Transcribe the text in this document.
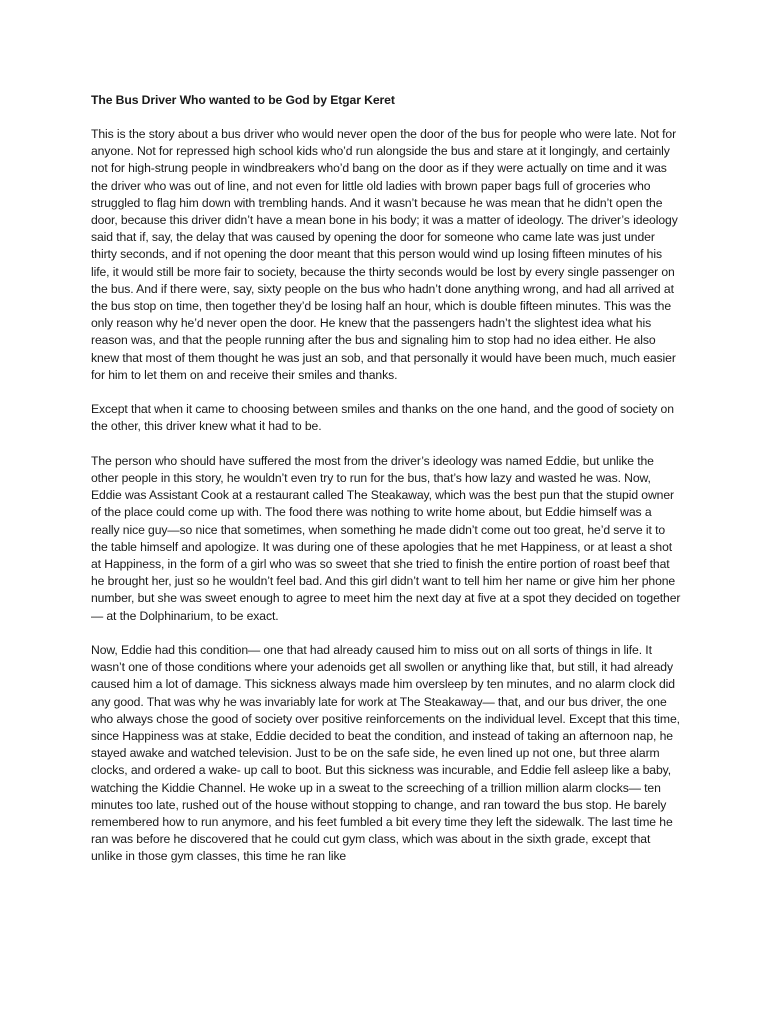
The Bus Driver Who wanted to be God by Etgar Keret

This is the story about a bus driver who would never open the door of the bus for people who were late. Not for anyone. Not for repressed high school kids who’d run alongside the bus and stare at it longingly, and certainly not for high-strung people in windbreakers who’d bang on the door as if they were actually on time and it was the driver who was out of line, and not even for little old ladies with brown paper bags full of groceries who struggled to flag him down with trembling hands. And it wasn’t because he was mean that he didn’t open the door, because this driver didn’t have a mean bone in his body; it was a matter of ideology. The driver’s ideology said that if, say, the delay that was caused by opening the door for someone who came late was just under thirty seconds, and if not opening the door meant that this person would wind up losing fifteen minutes of his life, it would still be more fair to society, because the thirty seconds would be lost by every single passenger on the bus. And if there were, say, sixty people on the bus who hadn’t done anything wrong, and had all arrived at the bus stop on time, then together they’d be losing half an hour, which is double fifteen minutes. This was the only reason why he’d never open the door. He knew that the passengers hadn’t the slightest idea what his reason was, and that the people running after the bus and signaling him to stop had no idea either. He also knew that most of them thought he was just an sob, and that personally it would have been much, much easier for him to let them on and receive their smiles and thanks.

Except that when it came to choosing between smiles and thanks on the one hand, and the good of society on the other, this driver knew what it had to be.

The person who should have suffered the most from the driver’s ideology was named Eddie, but unlike the other people in this story, he wouldn’t even try to run for the bus, that’s how lazy and wasted he was. Now, Eddie was Assistant Cook at a restaurant called The Steakaway, which was the best pun that the stupid owner of the place could come up with. The food there was nothing to write home about, but Eddie himself was a really nice guy—so nice that sometimes, when something he made didn’t come out too great, he’d serve it to the table himself and apologize. It was during one of these apologies that he met Happiness, or at least a shot at Happiness, in the form of a girl who was so sweet that she tried to finish the entire portion of roast beef that he brought her, just so he wouldn’t feel bad. And this girl didn’t want to tell him her name or give him her phone number, but she was sweet enough to agree to meet him the next day at five at a spot they decided on together— at the Dolphinarium, to be exact.

Now, Eddie had this condition— one that had already caused him to miss out on all sorts of things in life. It wasn’t one of those conditions where your adenoids get all swollen or anything like that, but still, it had already caused him a lot of damage. This sickness always made him oversleep by ten minutes, and no alarm clock did any good. That was why he was invariably late for work at The Steakaway— that, and our bus driver, the one who always chose the good of society over positive reinforcements on the individual level. Except that this time, since Happiness was at stake, Eddie decided to beat the condition, and instead of taking an afternoon nap, he stayed awake and watched television. Just to be on the safe side, he even lined up not one, but three alarm clocks, and ordered a wake- up call to boot. But this sickness was incurable, and Eddie fell asleep like a baby, watching the Kiddie Channel. He woke up in a sweat to the screeching of a trillion million alarm clocks— ten minutes too late, rushed out of the house without stopping to change, and ran toward the bus stop. He barely remembered how to run anymore, and his feet fumbled a bit every time they left the sidewalk. The last time he ran was before he discovered that he could cut gym class, which was about in the sixth grade, except that unlike in those gym classes, this time he ran like
